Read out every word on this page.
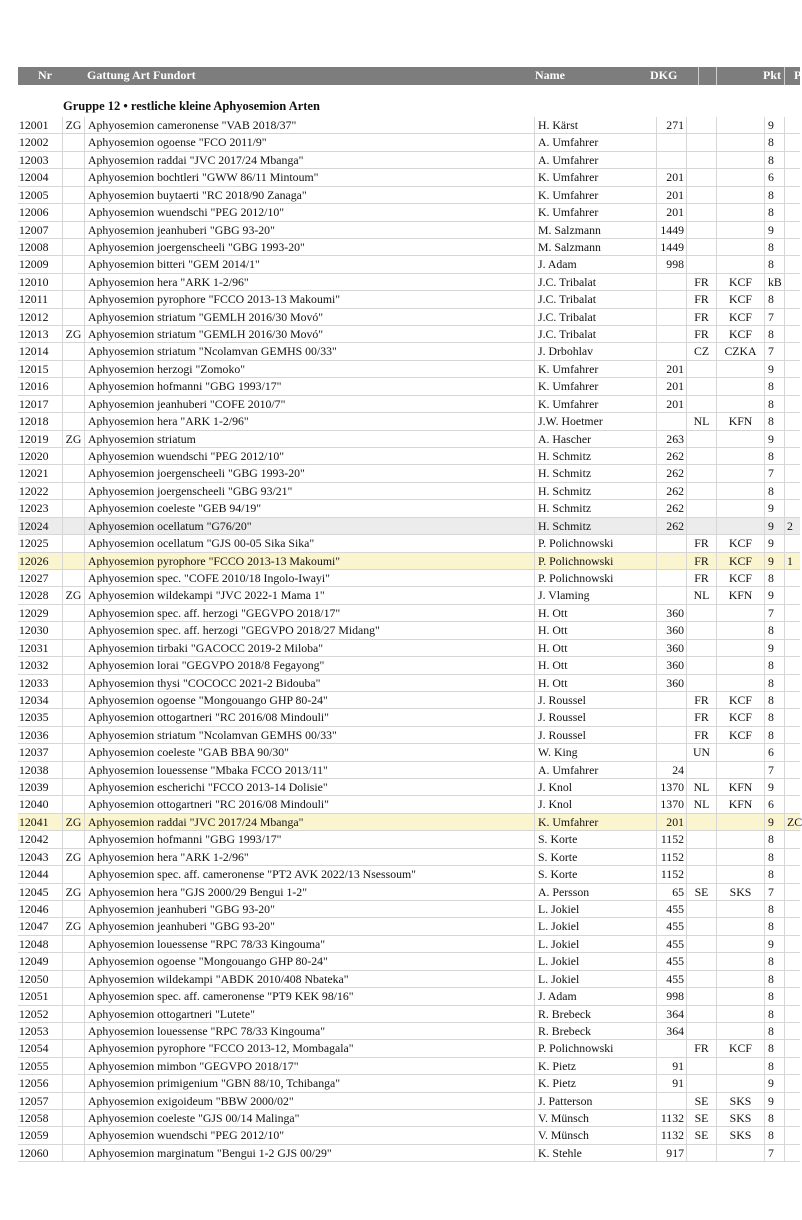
Nr	Gattung Art Fundort	Name	DKG	Pkt P
Gruppe 12 • restliche kleine Aphyosemion Arten
12001	ZG Aphyosemion cameronense "VAB 2018/37"	H. Kärst	271	9
12002	Aphyosemion ogoense "FCO 2011/9"	A. Umfahrer	8
12003	Aphyosemion raddai "JVC 2017/24 Mbanga"	A. Umfahrer	8
12004	Aphyosemion bochtleri "GWW 86/11 Mintoum"	K. Umfahrer	201	6
12005	Aphyosemion buytaerti "RC 2018/90 Zanaga"	K. Umfahrer	201	8
12006	Aphyosemion wuendschi "PEG 2012/10"	K. Umfahrer	201	8
12007	Aphyosemion jeanhuberi "GBG 93-20"	M. Salzmann	1449	9
12008	Aphyosemion joergenscheeli "GBG 1993-20"	M. Salzmann	1449	8
12009	Aphyosemion bitteri "GEM 2014/1"	J. Adam	998	8
12010	Aphyosemion hera "ARK 1-2/96"	J.C. Tribalat	FR	KCF	kB
12011	Aphyosemion pyrophore "FCCO 2013-13 Makoumi"	J.C. Tribalat	FR	KCF	8
12012	Aphyosemion striatum "GEMLH 2016/30 Movó"	J.C. Tribalat	FR	KCF	7
12013	ZG Aphyosemion striatum "GEMLH 2016/30 Movó"	J.C. Tribalat	FR	KCF	8
12014	Aphyosemion striatum "Ncolamvan GEMHS 00/33"	J. Drbohlav	CZ	CZKA 7
12015	Aphyosemion herzogi "Zomoko"	K. Umfahrer	201	9
12016	Aphyosemion hofmanni "GBG 1993/17"	K. Umfahrer	201	8
12017	Aphyosemion jeanhuberi "COFE 2010/7"	K. Umfahrer	201	8
12018	Aphyosemion hera "ARK 1-2/96"	J.W. Hoetmer	NL	KFN	8
12019	ZG Aphyosemion striatum	A. Hascher	263	9
12020	Aphyosemion wuendschi "PEG 2012/10"	H. Schmitz	262	8
12021	Aphyosemion joergenscheeli "GBG 1993-20"	H. Schmitz	262	7
12022	Aphyosemion joergenscheeli "GBG 93/21"	H. Schmitz	262	8
12023	Aphyosemion coeleste "GEB 94/19"	H. Schmitz	262	9
12024	Aphyosemion ocellatum "G76/20"	H. Schmitz	262	9	2
12025	Aphyosemion ocellatum "GJS 00-05 Sika Sika"	P. Polichnowski	FR	KCF	9
12026	Aphyosemion pyrophore "FCCO 2013-13 Makoumi"	P. Polichnowski	FR	KCF	9	1
12027	Aphyosemion spec. "COFE 2010/18 Ingolo-Iwayi"	P. Polichnowski	FR	KCF	8
12028	ZG Aphyosemion wildekampi "JVC 2022-1 Mama 1"	J. Vlaming	NL	KFN	9
12029	Aphyosemion spec. aff. herzogi "GEGVPO 2018/17"	H. Ott	360	7
12030	Aphyosemion spec. aff. herzogi "GEGVPO 2018/27 Midang"	H. Ott	360	8
12031	Aphyosemion tirbaki "GACOCC 2019-2 Miloba"	H. Ott	360	9
12032	Aphyosemion lorai "GEGVPO 2018/8 Fegayong"	H. Ott	360	8
12033	Aphyosemion thysi "COCOCC 2021-2 Bidouba"	H. Ott	360	8
12034	Aphyosemion ogoense "Mongouango GHP 80-24"	J. Roussel	FR	KCF	8
12035	Aphyosemion ottogartneri "RC 2016/08 Mindouli"	J. Roussel	FR	KCF	8
12036	Aphyosemion striatum "Ncolamvan GEMHS 00/33"	J. Roussel	FR	KCF	8
12037	Aphyosemion coeleste "GAB BBA 90/30"	W. King	UN	6
12038	Aphyosemion louessense "Mbaka FCCO 2013/11"	A. Umfahrer	24	7
12039	Aphyosemion escherichi "FCCO 2013-14 Dolisie"	J. Knol	1370 NL	KFN	9
12040	Aphyosemion ottogartneri "RC 2016/08 Mindouli"	J. Knol	1370 NL	KFN	6
12041	ZG Aphyosemion raddai "JVC 2017/24 Mbanga"	K. Umfahrer	201	9	ZC
12042	Aphyosemion hofmanni "GBG 1993/17"	S. Korte	1152	8
12043	ZG Aphyosemion hera "ARK 1-2/96"	S. Korte	1152	8
12044	Aphyosemion spec. aff. cameronense "PT2 AVK 2022/13 Nsessoum"	S. Korte	1152	8
12045	ZG Aphyosemion hera "GJS 2000/29 Bengui 1-2"	A. Persson	65 SE	SKS	7
12046	Aphyosemion jeanhuberi "GBG 93-20"	L. Jokiel	455	8
12047	ZG Aphyosemion jeanhuberi "GBG 93-20"	L. Jokiel	455	8
12048	Aphyosemion louessense "RPC 78/33 Kingouma"	L. Jokiel	455	9
12049	Aphyosemion ogoense "Mongouango GHP 80-24"	L. Jokiel	455	8
12050	Aphyosemion wildekampi "ABDK 2010/408 Nbateka"	L. Jokiel	455	8
12051	Aphyosemion spec. aff. cameronense "PT9 KEK 98/16"	J. Adam	998	8
12052	Aphyosemion ottogartneri "Lutete"	R. Brebeck	364	8
12053	Aphyosemion louessense "RPC 78/33 Kingouma"	R. Brebeck	364	8
12054	Aphyosemion pyrophore "FCCO 2013-12, Mombagala"	P. Polichnowski	FR	KCF	8
12055	Aphyosemion mimbon "GEGVPO 2018/17"	K. Pietz	91	8
12056	Aphyosemion primigenium "GBN 88/10, Tchibanga"	K. Pietz	91	9
12057	Aphyosemion exigoideum "BBW 2000/02"	J. Patterson	SE	SKS	9
12058	Aphyosemion coeleste "GJS 00/14 Malinga"	V. Münsch	1132 SE	SKS	8
12059	Aphyosemion wuendschi "PEG 2012/10"	V. Münsch	1132 SE	SKS	8
12060	Aphyosemion marginatum "Bengui 1-2 GJS 00/29"	K. Stehle	917	7
